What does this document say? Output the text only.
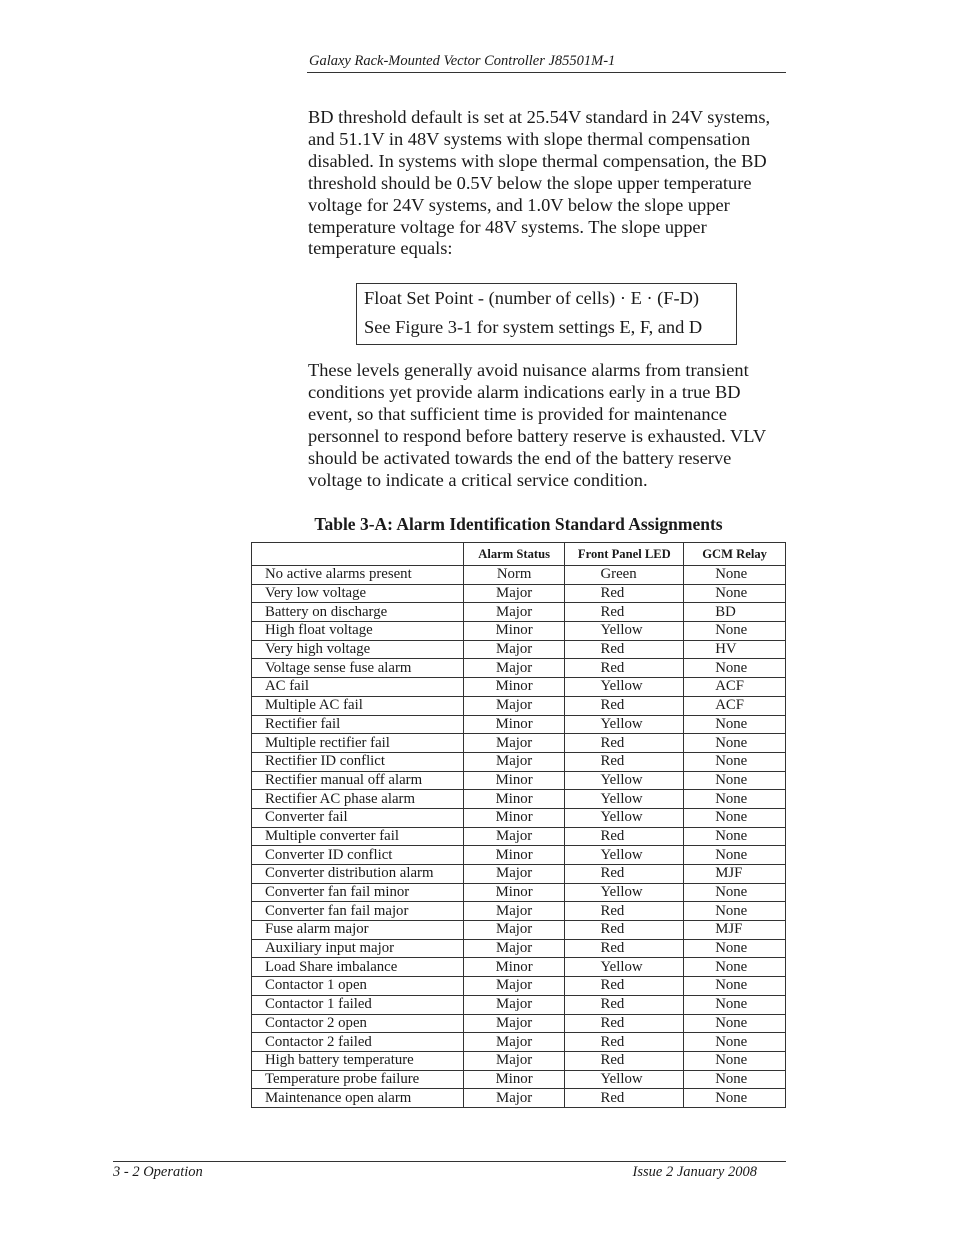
Galaxy Rack-Mounted Vector Controller J85501M-1

BD threshold default is set at 25.54V standard in 24V systems, and 51.1V in 48V systems with slope thermal compensation disabled. In systems with slope thermal compensation, the BD threshold should be 0.5V below the slope upper temperature voltage for 24V systems, and 1.0V below the slope upper temperature voltage for 48V systems. The slope upper temperature equals:

Float Set Point - (number of cells) · E · (F-D)
See Figure 3-1 for system settings E, F, and D

These levels generally avoid nuisance alarms from transient conditions yet provide alarm indications early in a true BD event, so that sufficient time is provided for maintenance personnel to respond before battery reserve is exhausted. VLV should be activated towards the end of the battery reserve voltage to indicate a critical service condition.

Table 3-A: Alarm Identification Standard Assignments
	Alarm Status	Front Panel LED	GCM Relay
No active alarms present	Norm	Green	None
Very low voltage	Major	Red	None
Battery on discharge	Major	Red	BD
High float voltage	Minor	Yellow	None
Very high voltage	Major	Red	HV
Voltage sense fuse alarm	Major	Red	None
AC fail	Minor	Yellow	ACF
Multiple AC fail	Major	Red	ACF
Rectifier fail	Minor	Yellow	None
Multiple rectifier fail	Major	Red	None
Rectifier ID conflict	Major	Red	None
Rectifier manual off alarm	Minor	Yellow	None
Rectifier AC phase alarm	Minor	Yellow	None
Converter fail	Minor	Yellow	None
Multiple converter fail	Major	Red	None
Converter ID conflict	Minor	Yellow	None
Converter distribution alarm	Major	Red	MJF
Converter fan fail minor	Minor	Yellow	None
Converter fan fail major	Major	Red	None
Fuse alarm major	Major	Red	MJF
Auxiliary input major	Major	Red	None
Load Share imbalance	Minor	Yellow	None
Contactor 1 open	Major	Red	None
Contactor 1 failed	Major	Red	None
Contactor 2 open	Major	Red	None
Contactor 2 failed	Major	Red	None
High battery temperature	Major	Red	None
Temperature probe failure	Minor	Yellow	None
Maintenance open alarm	Major	Red	None
3 - 2 Operation	Issue 2 January 2008
